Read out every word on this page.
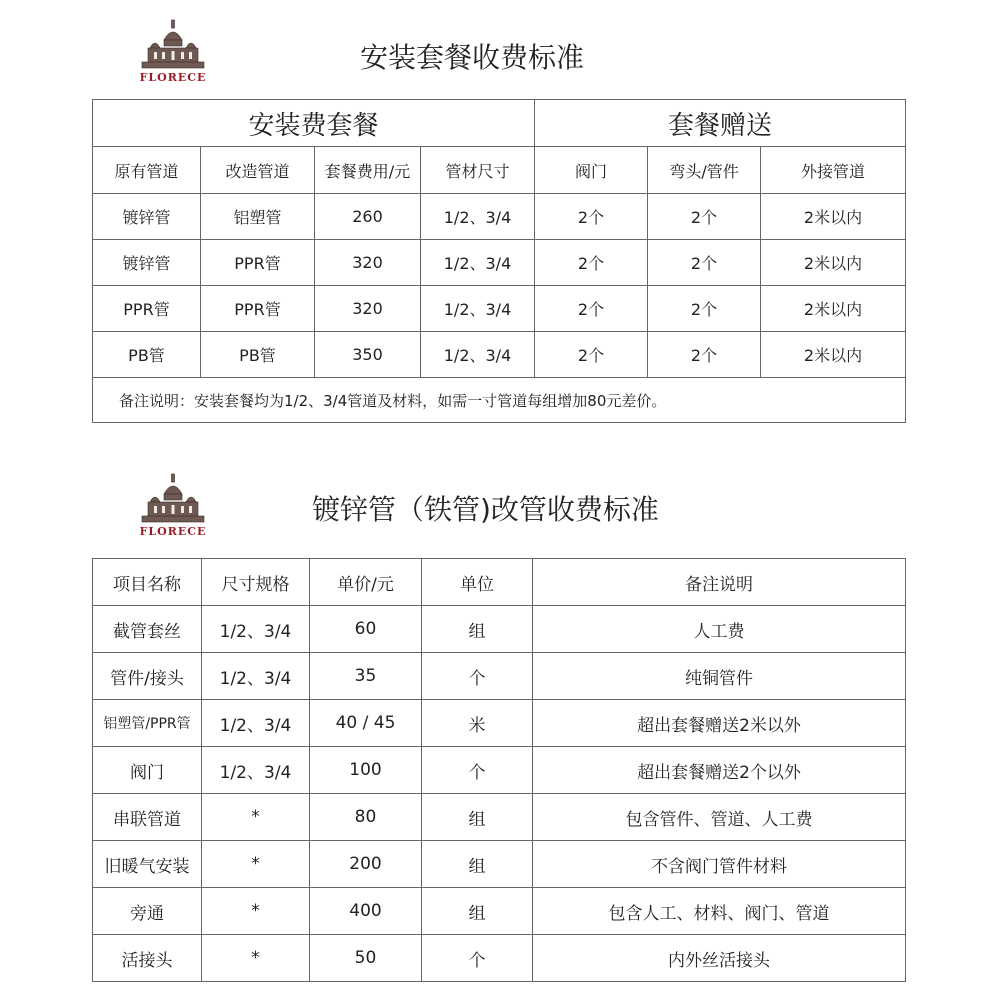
FLORECE
安装套餐收费标准
安装费套餐				套餐赠送		
原有管道	改造管道	套餐费用/元	管材尺寸	阀门	弯头/管件	外接管道
镀锌管	铝塑管	260	1/2、3/4	2个	2个	2米以内
镀锌管	PPR管	320	1/2、3/4	2个	2个	2米以内
PPR管	PPR管	320	1/2、3/4	2个	2个	2米以内
PB管	PB管	350	1/2、3/4	2个	2个	2米以内
备注说明：安装套餐均为1/2、3/4管道及材料，如需一寸管道每组增加80元差价。						
FLORECE
镀锌管（铁管)改管收费标准
项目名称	尺寸规格	单价/元	单位	备注说明
截管套丝	1/2、3/4	60	组	人工费
管件/接头	1/2、3/4	35	个	纯铜管件
铝塑管/PPR管	1/2、3/4	40 / 45	米	超出套餐赠送2米以外
阀门	1/2、3/4	100	个	超出套餐赠送2个以外
串联管道	*	80	组	包含管件、管道、人工费
旧暖气安装	*	200	组	不含阀门管件材料
旁通	*	400	组	包含人工、材料、阀门、管道
活接头	*	50	个	内外丝活接头
